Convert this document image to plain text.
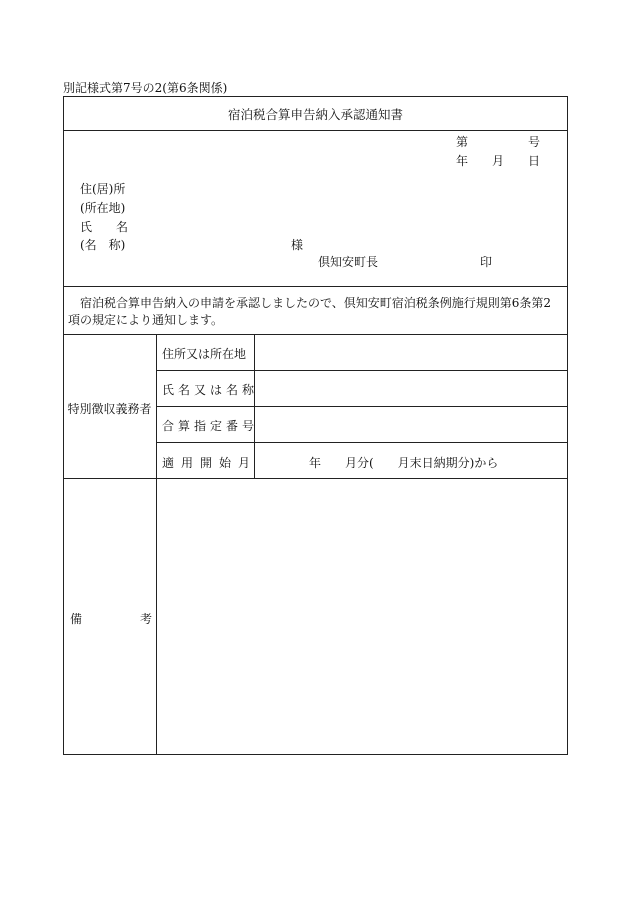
別記様式第7号の2(第6条関係)
宿泊税合算申告納入承認通知書
第	号
年 月 日
住(居)所
(所在地)
氏　　名
(名　称)	様
倶知安町長	印
宿泊税合算申告納入の申請を承認しましたので、倶知安町宿泊税条例施行規則第6条第2項の規定により通知します。
特別徴収義務者
住所又は所在地
氏名又は名称
合算指定番号
適用開始月	年　　月分(　　月末日納期分)から
備	考
